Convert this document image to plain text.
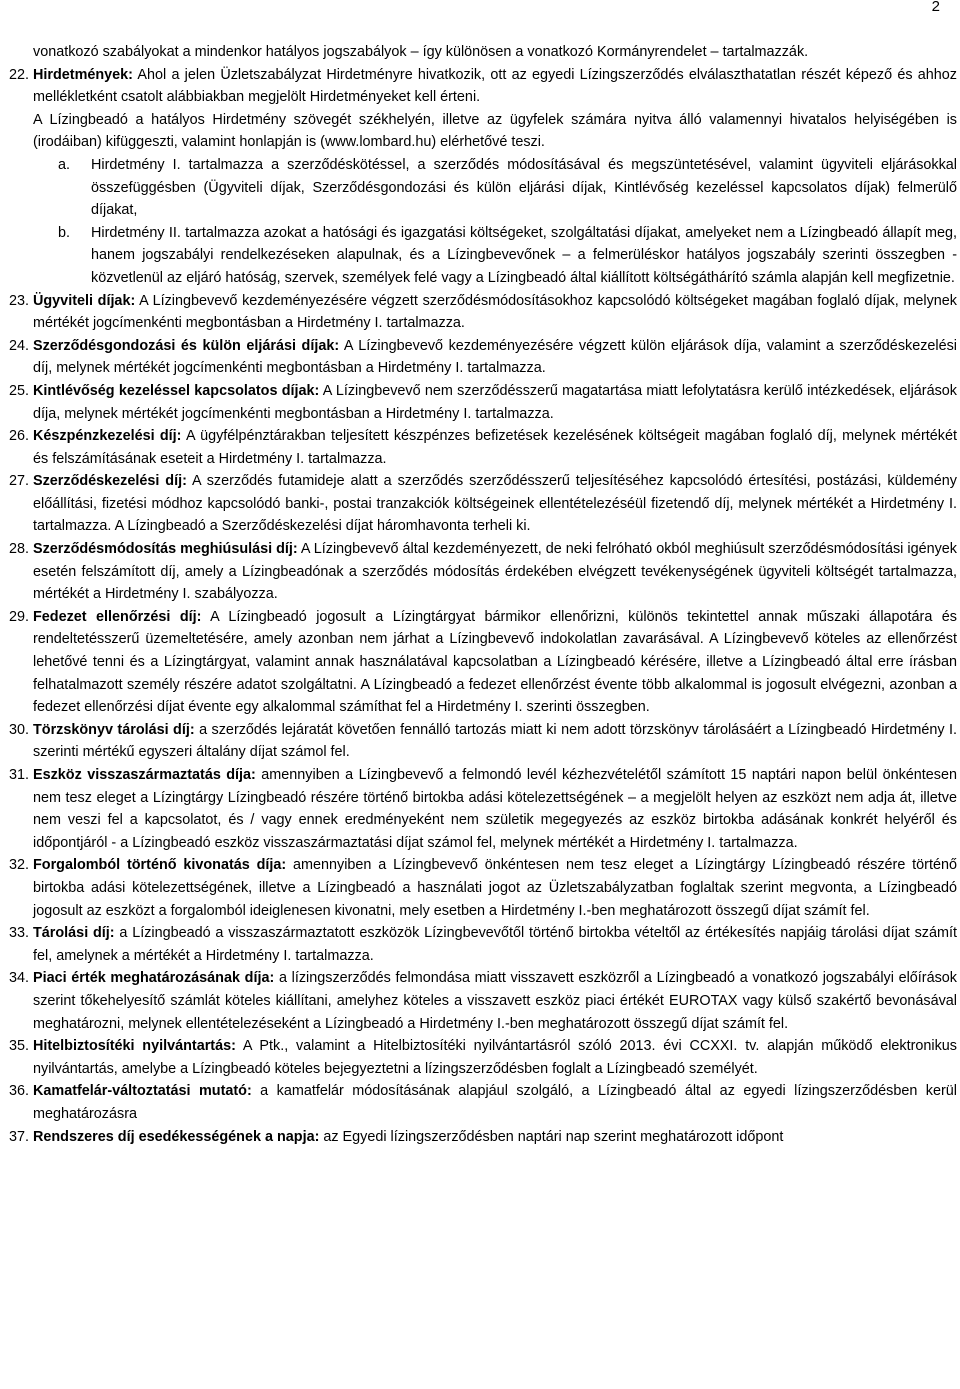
2

vonatkozó szabályokat a mindenkor hatályos jogszabályok – így különösen a vonatkozó Kormányrendelet – tartalmazzák.

22. Hirdetmények: Ahol a jelen Üzletszabályzat Hirdetményre hivatkozik, ott az egyedi Lízingszerződés elválaszthatatlan részét képező és ahhoz mellékletként csatolt alábbiakban megjelölt Hirdetményeket kell érteni.

A Lízingbeadó a hatályos Hirdetmény szövegét székhelyén, illetve az ügyfelek számára nyitva álló valamennyi hivatalos helyiségében is (irodáiban) kifüggeszti, valamint honlapján is (www.lombard.hu) elérhetővé teszi.

a. Hirdetmény I. tartalmazza a szerződéskötéssel, a szerződés módosításával és megszüntetésével, valamint ügyviteli eljárásokkal összefüggésben (Ügyviteli díjak, Szerződésgondozási és külön eljárási díjak, Kintlévőség kezeléssel kapcsolatos díjak) felmerülő díjakat,
b. Hirdetmény II. tartalmazza azokat a hatósági és igazgatási költségeket, szolgáltatási díjakat, amelyeket nem a Lízingbeadó állapít meg, hanem jogszabályi rendelkezéseken alapulnak, és a Lízingbevevőnek – a felmerüléskor hatályos jogszabály szerinti összegben - közvetlenül az eljáró hatóság, szervek, személyek felé vagy a Lízingbeadó által kiállított költségáthárító számla alapján kell megfizetnie.
23. Ügyviteli díjak: A Lízingbevevő kezdeményezésére végzett szerződésmódosításokhoz kapcsolódó költségeket magában foglaló díjak, melynek mértékét jogcímenkénti megbontásban a Hirdetmény I. tartalmazza.
24. Szerződésgondozási és külön eljárási díjak: A Lízingbevevő kezdeményezésére végzett külön eljárások díja, valamint a szerződéskezelési díj, melynek mértékét jogcímenkénti megbontásban a Hirdetmény I. tartalmazza.
25. Kintlévőség kezeléssel kapcsolatos díjak: A Lízingbevevő nem szerződésszerű magatartása miatt lefolytatásra kerülő intézkedések, eljárások díja, melynek mértékét jogcímenkénti megbontásban a Hirdetmény I. tartalmazza.
26. Készpénzkezelési díj: A ügyfélpénztárakban teljesített készpénzes befizetések kezelésének költségeit magában foglaló díj, melynek mértékét és felszámításának eseteit a Hirdetmény I. tartalmazza.
27. Szerződéskezelési díj: A szerződés futamideje alatt a szerződés szerződésszerű teljesítéséhez kapcsolódó értesítési, postázási, küldemény előállítási, fizetési módhoz kapcsolódó banki-, postai tranzakciók költségeinek ellentételezéséül fizetendő díj, melynek mértékét a Hirdetmény I. tartalmazza. A Lízingbeadó a Szerződéskezelési díjat háromhavonta terheli ki.
28. Szerződésmódosítás meghiúsulási díj: A Lízingbevevő által kezdeményezett, de neki felróható okból meghiúsult szerződésmódosítási igények esetén felszámított díj, amely a Lízingbeadónak a szerződés módosítás érdekében elvégzett tevékenységének ügyviteli költségét tartalmazza, mértékét a Hirdetmény I. szabályozza.
29. Fedezet ellenőrzési díj: A Lízingbeadó jogosult a Lízingtárgyat bármikor ellenőrizni, különös tekintettel annak műszaki állapotára és rendeltetésszerű üzemeltetésére, amely azonban nem járhat a Lízingbevevő indokolatlan zavarásával. A Lízingbevevő köteles az ellenőrzést lehetővé tenni és a Lízingtárgyat, valamint annak használatával kapcsolatban a Lízingbeadó kérésére, illetve a Lízingbeadó által erre írásban felhatalmazott személy részére adatot szolgáltatni. A Lízingbeadó a fedezet ellenőrzést évente több alkalommal is jogosult elvégezni, azonban a fedezet ellenőrzési díjat évente egy alkalommal számíthat fel a Hirdetmény I. szerinti összegben.
30. Törzskönyv tárolási díj: a szerződés lejáratát követően fennálló tartozás miatt ki nem adott törzskönyv tárolásáért a Lízingbeadó Hirdetmény I. szerinti mértékű egyszeri általány díjat számol fel.
31. Eszköz visszaszármaztatás díja: amennyiben a Lízingbevevő a felmondó levél kézhezvételétől számított 15 naptári napon belül önkéntesen nem tesz eleget a Lízingtárgy Lízingbeadó részére történő birtokba adási kötelezettségének – a megjelölt helyen az eszközt nem adja át, illetve nem veszi fel a kapcsolatot, és / vagy ennek eredményeként nem születik megegyezés az eszköz birtokba adásának konkrét helyéről és időpontjáról - a Lízingbeadó eszköz visszaszármaztatási díjat számol fel, melynek mértékét a Hirdetmény I. tartalmazza.
32. Forgalomból történő kivonatás díja: amennyiben a Lízingbevevő önkéntesen nem tesz eleget a Lízingtárgy Lízingbeadó részére történő birtokba adási kötelezettségének, illetve a Lízingbeadó a használati jogot az Üzletszabályzatban foglaltak szerint megvonta, a Lízingbeadó jogosult az eszközt a forgalomból ideiglenesen kivonatni, mely esetben a Hirdetmény I.-ben meghatározott összegű díjat számít fel.
33. Tárolási díj: a Lízingbeadó a visszaszármaztatott eszközök Lízingbevevőtől történő birtokba vételtől az értékesítés napjáig tárolási díjat számít fel, amelynek a mértékét a Hirdetmény I. tartalmazza.
34. Piaci érték meghatározásának díja: a lízingszerződés felmondása miatt visszavett eszközről a Lízingbeadó a vonatkozó jogszabályi előírások szerint tőkehelyesítő számlát köteles kiállítani, amelyhez köteles a visszavett eszköz piaci értékét EUROTAX vagy külső szakértő bevonásával meghatározni, melynek ellentételezéseként a Lízingbeadó a Hirdetmény I.-ben meghatározott összegű díjat számít fel.
35. Hitelbiztosítéki nyilvántartás: A Ptk., valamint a Hitelbiztosítéki nyilvántartásról szóló 2013. évi CCXXI. tv. alapján működő elektronikus nyilvántartás, amelybe a Lízingbeadó köteles bejegyeztetni a lízingszerződésben foglalt a Lízingbeadó személyét.
36. Kamatfelár-változtatási mutató: a kamatfelár módosításának alapjául szolgáló, a Lízingbeadó által az egyedi lízingszerződésben kerül meghatározásra
37. Rendszeres díj esedékességének a napja: az Egyedi lízingszerződésben naptári nap szerint meghatározott időpont
